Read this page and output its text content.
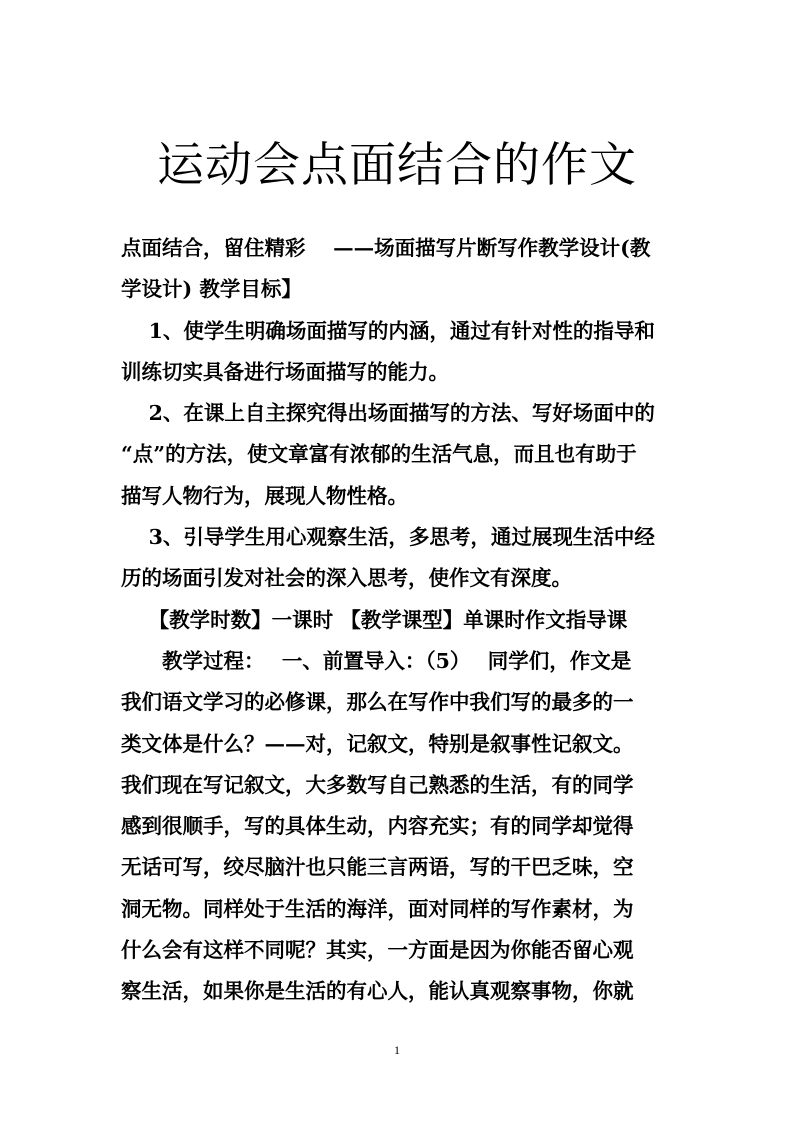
运动会点面结合的作文
点面结合，留住精彩　 ——场面描写片断写作教学设计(教
学设计) 教学目标】
　 1、使学生明确场面描写的内涵，通过有针对性的指导和
训练切实具备进行场面描写的能力。
　 2、在课上自主探究得出场面描写的方法、写好场面中的
“点”的方法，使文章富有浓郁的生活气息，而且也有助于
描写人物行为，展现人物性格。
　 3、引导学生用心观察生活，多思考，通过展现生活中经
历的场面引发对社会的深入思考，使作文有深度。
　 【教学时数】一课时 【教学课型】单课时作文指导课
　　教学过程：　 一、前置导入：（5）　 同学们，作文是
我们语文学习的必修课，那么在写作中我们写的最多的一
类文体是什么？——对，记叙文，特别是叙事性记叙文。
我们现在写记叙文，大多数写自己熟悉的生活，有的同学
感到很顺手，写的具体生动，内容充实；有的同学却觉得
无话可写，绞尽脑汁也只能三言两语，写的干巴乏味，空
洞无物。同样处于生活的海洋，面对同样的写作素材，为
什么会有这样不同呢？其实，一方面是因为你能否留心观
察生活，如果你是生活的有心人，能认真观察事物，你就
1
